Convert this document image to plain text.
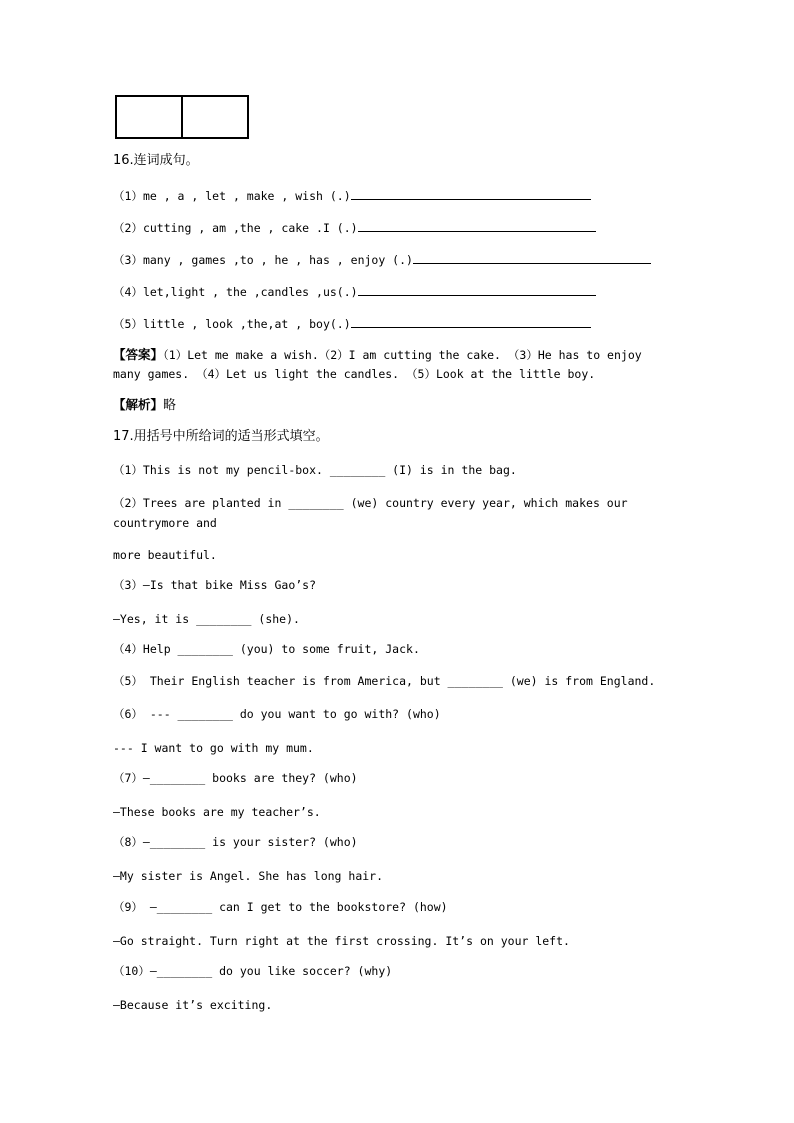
16.连词成句。
（1）me , a , let , make , wish (.)
（2）cutting , am ,the , cake .I (.)
（3）many , games ,to , he , has , enjoy (.)
（4）let,light , the ,candles ,us(.)
（5）little , look ,the,at , boy(.)
【答案】（1）Let me make a wish.（2）I am cutting the cake. （3）He has to enjoy
many games. （4）Let us light the candles. （5）Look at the little boy.
【解析】略
17.用括号中所给词的适当形式填空。
（1）This is not my pencil-box. ________ (I) is in the bag.
（2）Trees are planted in ________ (we) country every year, which makes our
countrymore and
more beautiful.
（3）—Is that bike Miss Gao’s?
—Yes, it is ________ (she).
（4）Help ________ (you) to some fruit, Jack.
（5） Their English teacher is from America, but ________ (we) is from England.
（6） --- ________ do you want to go with? (who)
--- I want to go with my mum.
（7）—________ books are they? (who)
—These books are my teacher’s.
（8）—________ is your sister? (who)
—My sister is Angel. She has long hair.
（9） —________ can I get to the bookstore? (how)
—Go straight. Turn right at the first crossing. It’s on your left.
（10）—________ do you like soccer? (why)
—Because it’s exciting.
